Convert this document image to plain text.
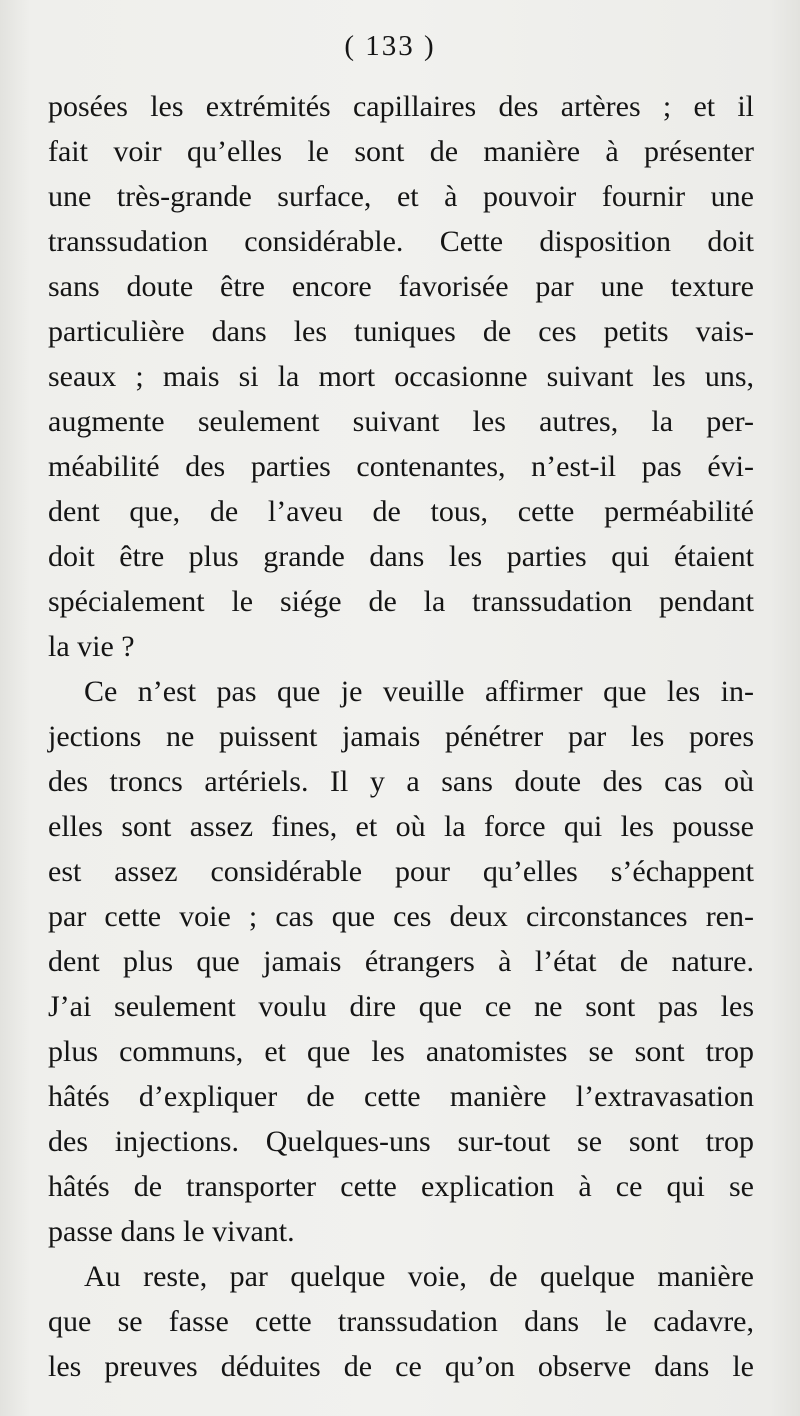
( 133 )
posées les extrémités capillaires des artères ; et il
fait voir qu’elles le sont de manière à présenter
une très-grande surface, et à pouvoir fournir une
transsudation considérable. Cette disposition doit
sans doute être encore favorisée par une texture
particulière dans les tuniques de ces petits vais-
seaux ; mais si la mort occasionne suivant les uns,
augmente seulement suivant les autres, la per-
méabilité des parties contenantes, n’est-il pas évi-
dent que, de l’aveu de tous, cette perméabilité
doit être plus grande dans les parties qui étaient
spécialement le siége de la transsudation pendant
la vie ?
Ce n’est pas que je veuille affirmer que les in-
jections ne puissent jamais pénétrer par les pores
des troncs artériels. Il y a sans doute des cas où
elles sont assez fines, et où la force qui les pousse
est assez considérable pour qu’elles s’échappent
par cette voie ; cas que ces deux circonstances ren-
dent plus que jamais étrangers à l’état de nature.
J’ai seulement voulu dire que ce ne sont pas les
plus communs, et que les anatomistes se sont trop
hâtés d’expliquer de cette manière l’extravasation
des injections. Quelques-uns sur-tout se sont trop
hâtés de transporter cette explication à ce qui se
passe dans le vivant.
Au reste, par quelque voie, de quelque manière
que se fasse cette transsudation dans le cadavre,
les preuves déduites de ce qu’on observe dans le
